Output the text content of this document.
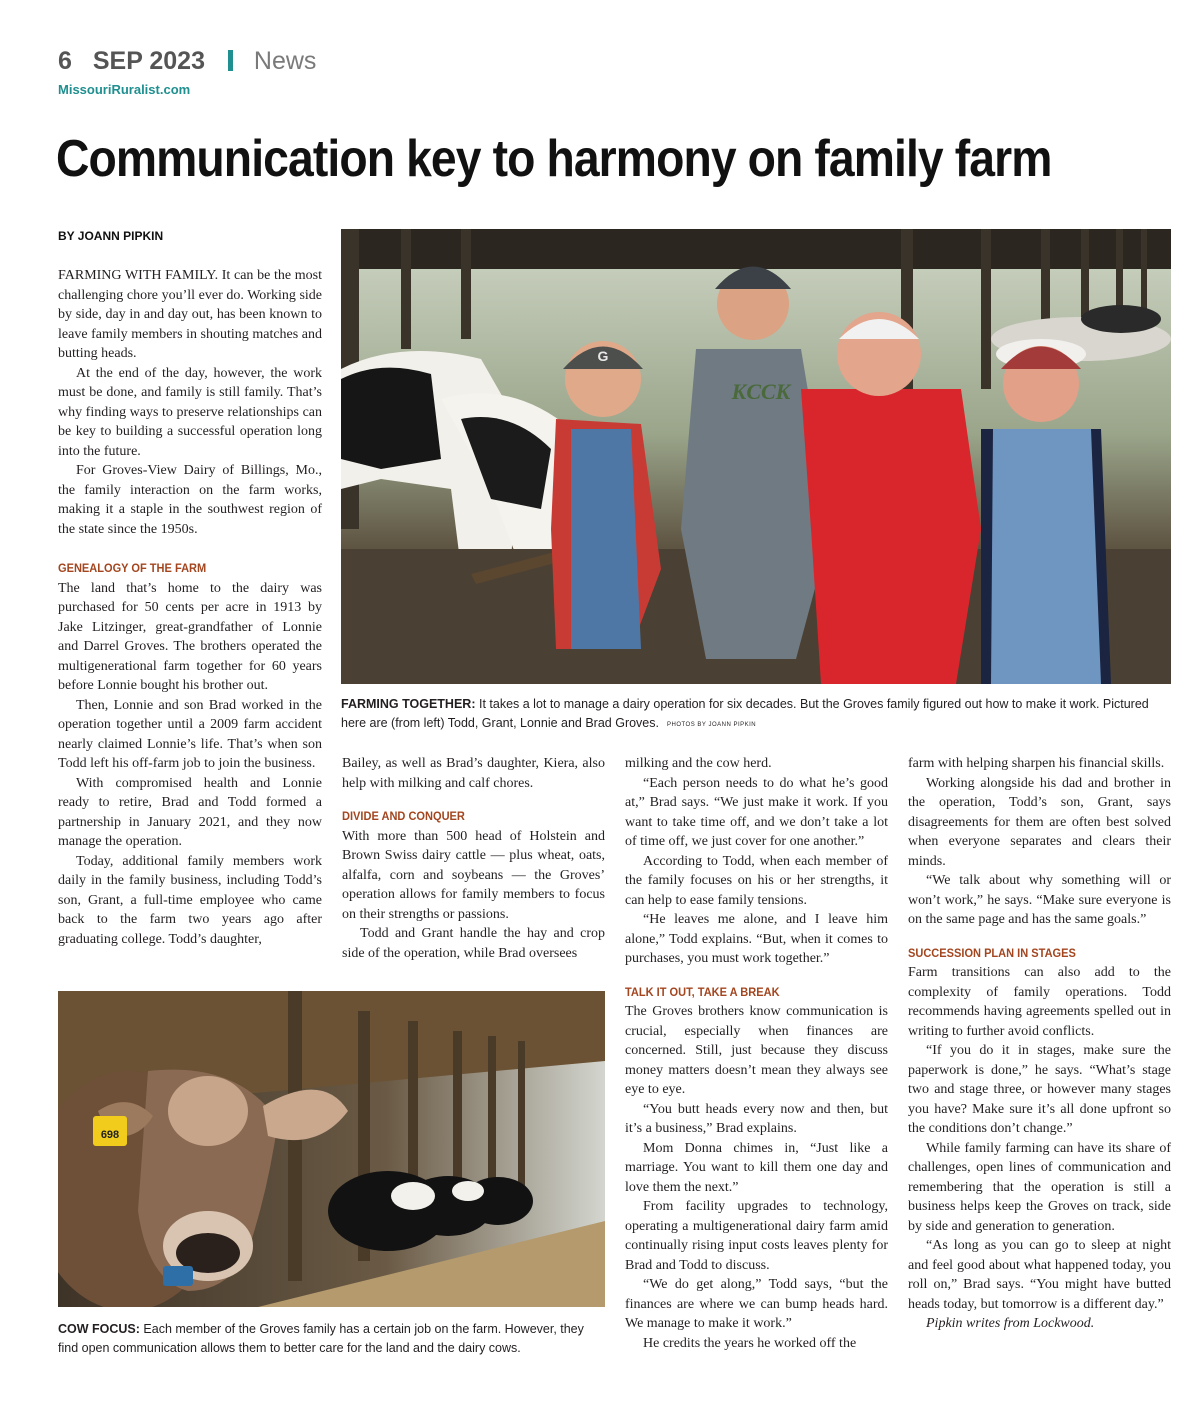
6 SEP 2023 News
MissouriRuralist.com
Communication key to harmony on family farm
BY JOANN PIPKIN

FARMING WITH FAMILY. It can be the most challenging chore you’ll ever do. Working side by side, day in and day out, has been known to leave family members in shouting matches and butting heads.

At the end of the day, however, the work must be done, and family is still family. That’s why finding ways to preserve relationships can be key to building a successful operation long into the future.

For Groves-View Dairy of Billings, Mo., the family interaction on the farm works, making it a staple in the southwest region of the state since the 1950s.

GENEALOGY OF THE FARM

The land that’s home to the dairy was purchased for 50 cents per acre in 1913 by Jake Litzinger, great-grandfather of Lonnie and Darrel Groves. The brothers operated the multigenerational farm together for 60 years before Lonnie bought his brother out.

Then, Lonnie and son Brad worked in the operation together until a 2009 farm accident nearly claimed Lonnie’s life. That’s when son Todd left his off-farm job to join the business.

With compromised health and Lonnie ready to retire, Brad and Todd formed a partnership in January 2021, and they now manage the operation.

Today, additional family members work daily in the family business, including Todd’s son, Grant, a full-time employee who came back to the farm two years ago after graduating college. Todd’s daughter,

G
KCCK
FARMING TOGETHER: It takes a lot to manage a dairy operation for six decades. But the Groves family figured out how to make it work. Pictured here are (from left) Todd, Grant, Lonnie and Brad Groves. PHOTOS BY JOANN PIPKIN

Bailey, as well as Brad’s daughter, Kiera, also help with milking and calf chores.

DIVIDE AND CONQUER

With more than 500 head of Holstein and Brown Swiss dairy cattle — plus wheat, oats, alfalfa, corn and soybeans — the Groves’ operation allows for family members to focus on their strengths or passions.

Todd and Grant handle the hay and crop side of the operation, while Brad oversees

milking and the cow herd.

“Each person needs to do what he’s good at,” Brad says. “We just make it work. If you want to take time off, and we don’t take a lot of time off, we just cover for one another.”

According to Todd, when each member of the family focuses on his or her strengths, it can help to ease family tensions.

“He leaves me alone, and I leave him alone,” Todd explains. “But, when it comes to purchases, you must work together.”

TALK IT OUT, TAKE A BREAK

The Groves brothers know communication is crucial, especially when finances are concerned. Still, just because they discuss money matters doesn’t mean they always see eye to eye.

“You butt heads every now and then, but it’s a business,” Brad explains.

Mom Donna chimes in, “Just like a marriage. You want to kill them one day and love them the next.”

From facility upgrades to technology, operating a multigenerational dairy farm amid continually rising input costs leaves plenty for Brad and Todd to discuss.

“We do get along,” Todd says, “but the finances are where we can bump heads hard. We manage to make it work.”

He credits the years he worked off the

farm with helping sharpen his financial skills.

Working alongside his dad and brother in the operation, Todd’s son, Grant, says disagreements for them are often best solved when everyone separates and clears their minds.

“We talk about why something will or won’t work,” he says. “Make sure everyone is on the same page and has the same goals.”

SUCCESSION PLAN IN STAGES

Farm transitions can also add to the complexity of family operations. Todd recommends having agreements spelled out in writing to further avoid conflicts.

“If you do it in stages, make sure the paperwork is done,” he says. “What’s stage two and stage three, or however many stages you have? Make sure it’s all done upfront so the conditions don’t change.”

While family farming can have its share of challenges, open lines of communication and remembering that the operation is still a business helps keep the Groves on track, side by side and generation to generation.

“As long as you can go to sleep at night and feel good about what happened today, you roll on,” Brad says. “You might have butted heads today, but tomorrow is a different day.”

Pipkin writes from Lockwood.

698
COW FOCUS: Each member of the Groves family has a certain job on the farm. However, they find open communication allows them to better care for the land and the dairy cows.
